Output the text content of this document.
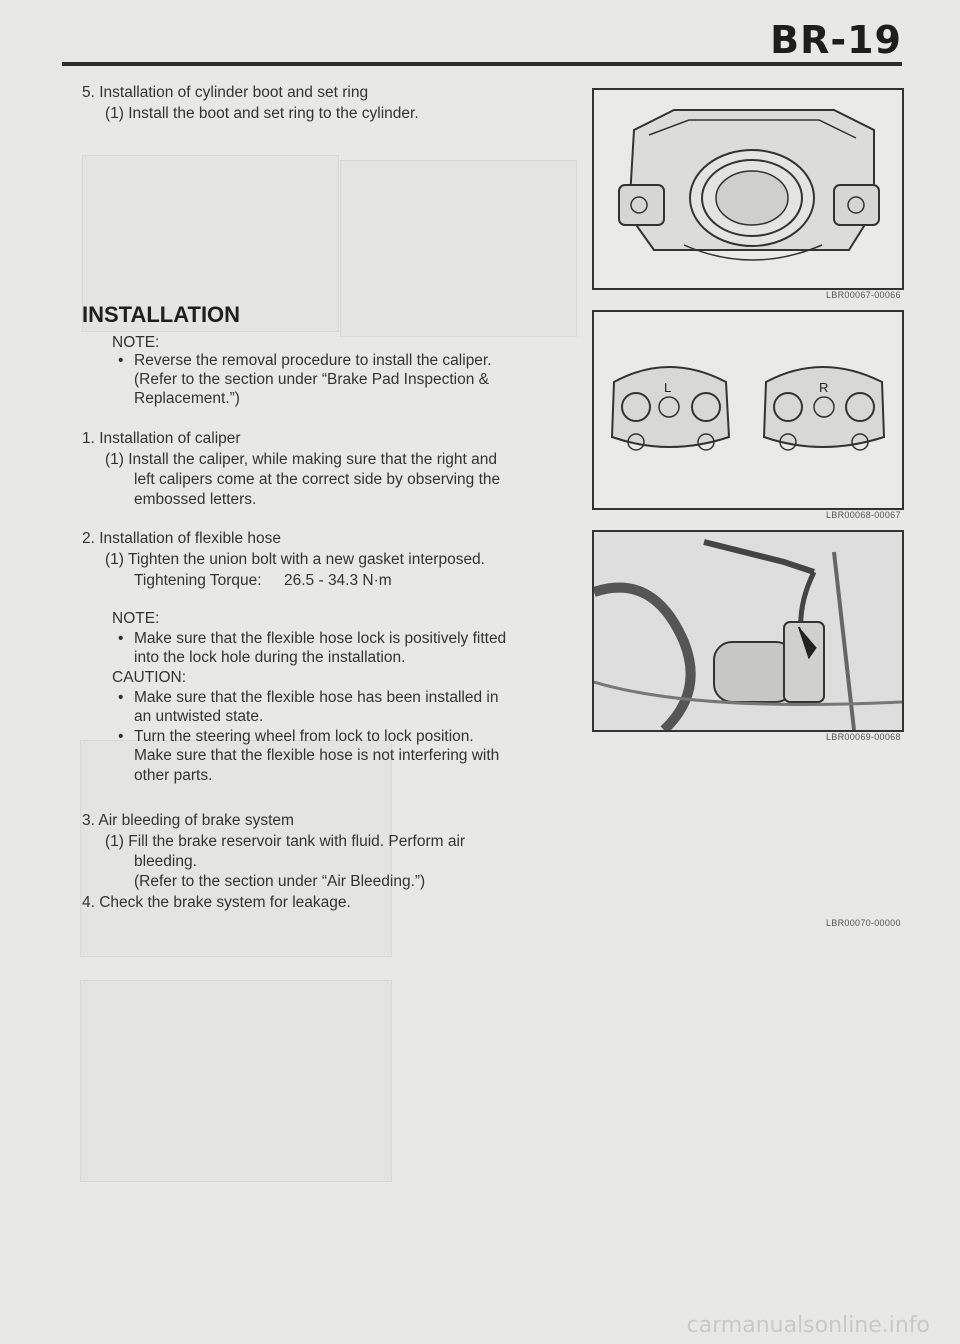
BR-19
5. Installation of cylinder boot and set ring
(1) Install the boot and set ring to the cylinder.
INSTALLATION
NOTE:
• Reverse the removal procedure to install the caliper.
(Refer to the section under “Brake Pad Inspection &
Replacement.”)
1. Installation of caliper
(1) Install the caliper, while making sure that the right and
left calipers come at the correct side by observing the
embossed letters.
2. Installation of flexible hose
(1) Tighten the union bolt with a new gasket interposed.
Tightening Torque: 26.5 - 34.3 N·m
NOTE:
• Make sure that the flexible hose lock is positively fitted
into the lock hole during the installation.
CAUTION:
• Make sure that the flexible hose has been installed in
an untwisted state.
• Turn the steering wheel from lock to lock position.
Make sure that the flexible hose is not interfering with
other parts.
3. Air bleeding of brake system
(1) Fill the brake reservoir tank with fluid. Perform air
bleeding.
(Refer to the section under “Air Bleeding.”)
4. Check the brake system for leakage.
LBR00067-00066
L	R
LBR00068-00067
LBR00069-00068
LBR00070-00000
carmanualsonline.info
